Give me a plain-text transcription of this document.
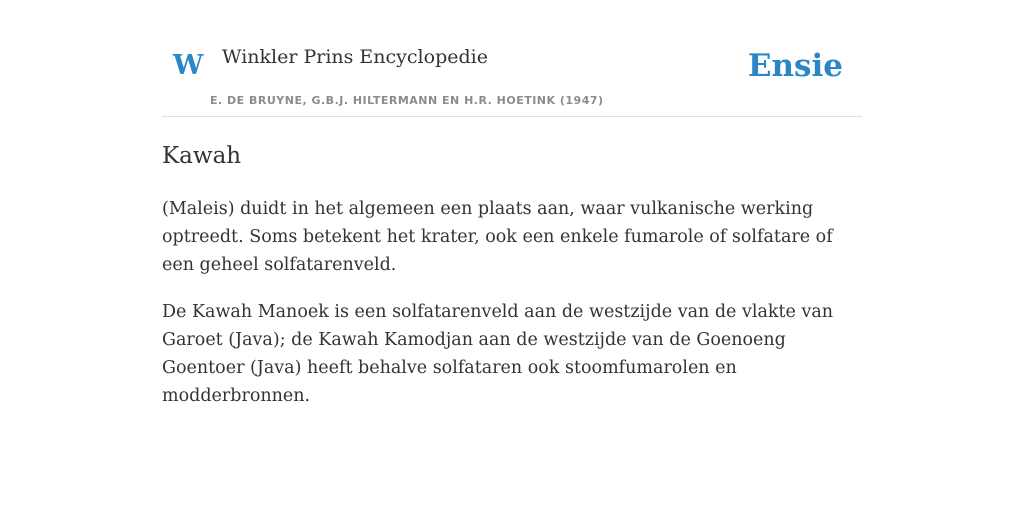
W Winkler Prins Encyclopedie
E. DE BRUYNE, G.B.J. HILTERMANN EN H.R. HOETINK (1947)
Ensie
Kawah

(Maleis) duidt in het algemeen een plaats aan, waar vulkanische werking optreedt. Soms betekent het krater, ook een enkele fumarole of solfatare of een geheel solfatarenveld.

De Kawah Manoek is een solfatarenveld aan de westzijde van de vlakte van Garoet (Java); de Kawah Kamodjan aan de westzijde van de Goenoeng Goentoer (Java) heeft behalve solfataren ook stoomfumarolen en modderbronnen.
